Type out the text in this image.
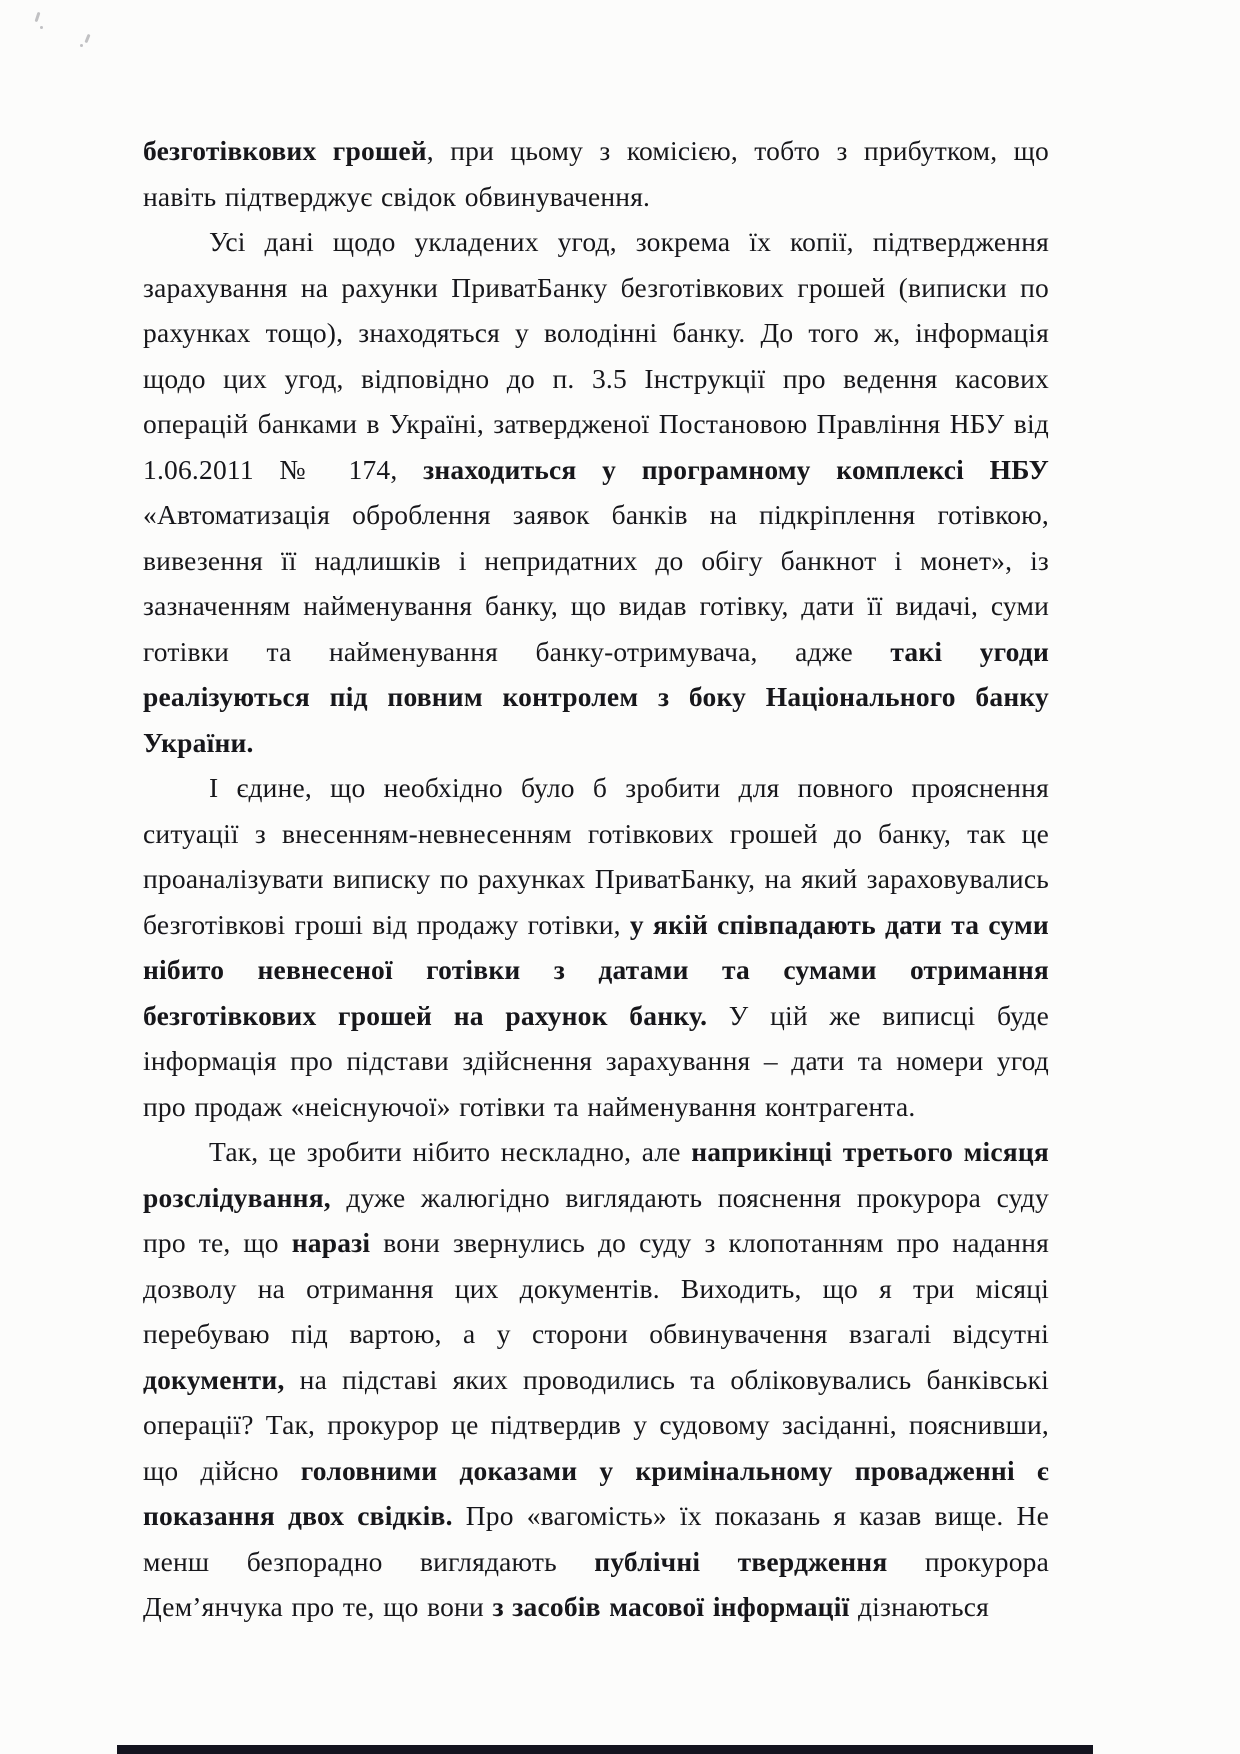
безготівкових грошей, при цьому з комісією, тобто з прибутком, що навіть підтверджує свідок обвинувачення.

Усі дані щодо укладених угод, зокрема їх копії, підтвердження зарахування на рахунки ПриватБанку безготівкових грошей (виписки по рахунках тощо), знаходяться у володінні банку. До того ж, інформація щодо цих угод, відповідно до п. 3.5 Інструкції про ведення касових операцій банками в Україні, затвердженої Постановою Правління НБУ від 1.06.2011 № 174, знаходиться у програмному комплексі НБУ «Автоматизація оброблення заявок банків на підкріплення готівкою, вивезення її надлишків і непридатних до обігу банкнот і монет», із зазначенням найменування банку, що видав готівку, дати її видачі, суми готівки та найменування банку-отримувача, адже такі угоди реалізуються під повним контролем з боку Національного банку України.

І єдине, що необхідно було б зробити для повного прояснення ситуації з внесенням-невнесенням готівкових грошей до банку, так це проаналізувати виписку по рахунках ПриватБанку, на який зараховувались безготівкові гроші від продажу готівки, у якій співпадають дати та суми нібито невнесеної готівки з датами та сумами отримання безготівкових грошей на рахунок банку. У цій же виписці буде інформація про підстави здійснення зарахування – дати та номери угод про продаж «неіснуючої» готівки та найменування контрагента.

Так, це зробити нібито нескладно, але наприкінці третього місяця розслідування, дуже жалюгідно виглядають пояснення прокурора суду про те, що наразі вони звернулись до суду з клопотанням про надання дозволу на отримання цих документів. Виходить, що я три місяці перебуваю під вартою, а у сторони обвинувачення взагалі відсутні документи, на підставі яких проводились та обліковувались банківські операції? Так, прокурор це підтвердив у судовому засіданні, пояснивши, що дійсно головними доказами у кримінальному провадженні є показання двох свідків. Про «вагомість» їх показань я казав вище. Не менш безпорадно виглядають публічні твердження прокурора Дем’янчука про те, що вони з засобів масової інформації дізнаються
